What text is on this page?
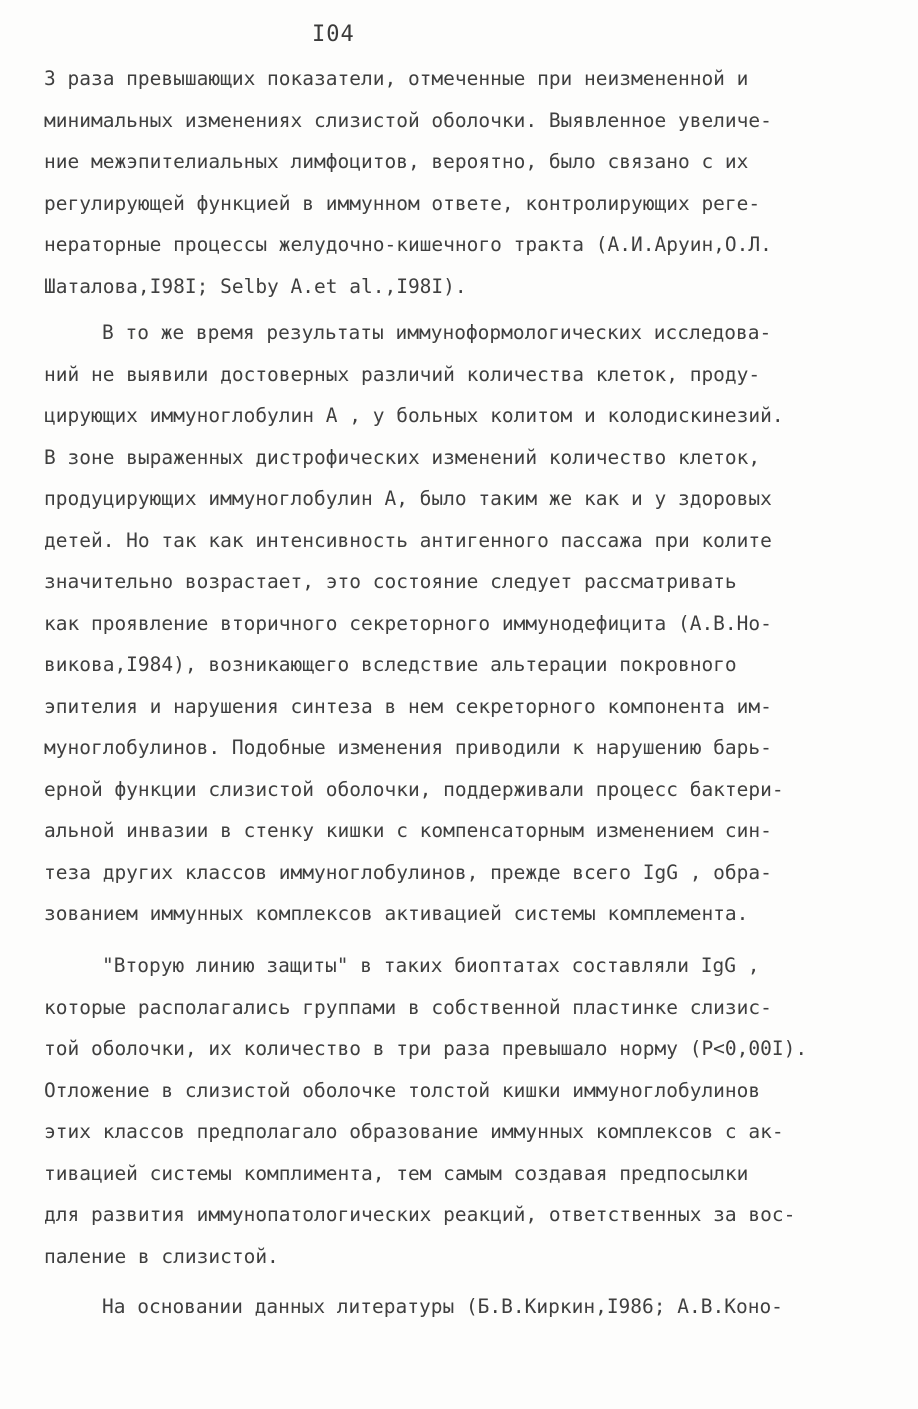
I04
3 раза превышающих показатели, отмеченные при неизмененной и
минимальных изменениях слизистой оболочки. Выявленное увеличе-
ние межэпителиальных лимфоцитов, вероятно, было связано с их
регулирующей функцией в иммунном ответе, контролирующих реге-
нераторные процессы желудочно-кишечного тракта (А.И.Аруин,О.Л.
Шаталова,I98I; Selby A.et al.,I98I).
В то же время результаты иммуноформологических исследова-
ний не выявили достоверных различий количества клеток, проду-
цирующих иммуноглобулин A , у больных колитом и колодискинезий.
В зоне выраженных дистрофических изменений количество клеток,
продуцирующих иммуноглобулин A, было таким же как и у здоровых
детей. Но так как интенсивность антигенного пассажа при колите
значительно возрастает, это состояние следует рассматривать
как проявление вторичного секреторного иммунодефицита (А.В.Но-
викова,I984), возникающего вследствие альтерации покровного
эпителия и нарушения синтеза в нем секреторного компонента им-
муноглобулинов. Подобные изменения приводили к нарушению барь-
ерной функции слизистой оболочки, поддерживали процесс бактери-
альной инвазии в стенку кишки с компенсаторным изменением син-
теза других классов иммуноглобулинов, прежде всего IgG , обра-
зованием иммунных комплексов активацией системы комплемента.
"Вторую линию защиты" в таких биоптатах составляли IgG ,
которые располагались группами в собственной пластинке слизис-
той оболочки, их количество в три раза превышало норму (P<0,00I).
Отложение в слизистой оболочке толстой кишки иммуноглобулинов
этих классов предполагало образование иммунных комплексов с ак-
тивацией системы комплимента, тем самым создавая предпосылки
для развития иммунопатологических реакций, ответственных за вос-
паление в слизистой.
На основании данных литературы (Б.В.Киркин,I986; А.В.Коно-
